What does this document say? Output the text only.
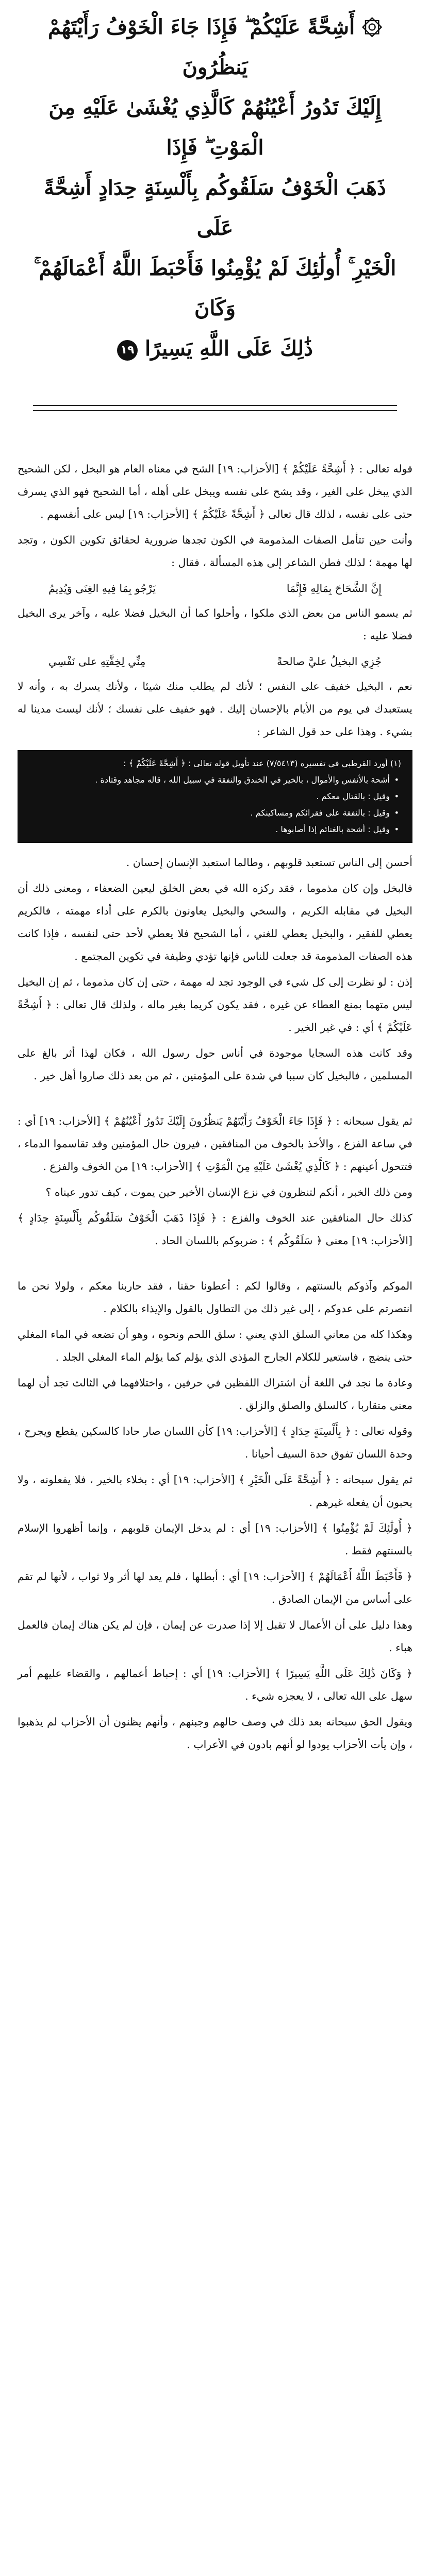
۞ أَشِحَّةً عَلَيْكُمْ ۖ فَإِذَا جَاءَ الْخَوْفُ رَأَيْتَهُمْ يَنظُرُونَ
إِلَيْكَ تَدُورُ أَعْيُنُهُمْ كَالَّذِي يُغْشَىٰ عَلَيْهِ مِنَ الْمَوْتِ ۖ فَإِذَا
ذَهَبَ الْخَوْفُ سَلَقُوكُم بِأَلْسِنَةٍ حِدَادٍ أَشِحَّةً عَلَى
الْخَيْرِ ۚ أُولَٰئِكَ لَمْ يُؤْمِنُوا فَأَحْبَطَ اللَّهُ أَعْمَالَهُمْ ۚ وَكَانَ
ذَٰلِكَ عَلَى اللَّهِ يَسِيرًا ١٩

قوله تعالى : ﴿ أَشِحَّةً عَلَيْكُمْ ﴾ [الأحزاب: ١٩] الشح في معناه العام هو البخل ، لكن الشحيح الذي يبخل على الغير ، وقد يشح على نفسه ويبخل على أهله ، أما الشحيح فهو الذي يسرف حتى على نفسه ، لذلك قال تعالى ﴿ أَشِحَّةً عَلَيْكُمْ ﴾ [الأحزاب: ١٩] ليس على أنفسهم .

وأنت حين تتأمل الصفات المذمومة في الكون تجدها ضرورية لحقائق تكوين الكون ، وتجد لها مهمة ؛ لذلك فطن الشاعر إلى هذه المسألة ، فقال :

إِنَّ الشَّحَاحَ بِمَالِهِ فَإِنَّمَا
يَرْجُو بِمَا فِيهِ الغِنَى وَيُدِيمُ

ثم يسمو الناس من بعض الذي ملكوا ، وأحلوا كما أن البخيل فضلا عليه ، وآخر يرى البخيل فضلا عليه :

جُزِي البخيلُ عليَّ صالحةً
مِنِّي لِخِفَّتِهِ على نَفْسِي

نعم ، البخيل خفيف على النفس ؛ لأنك لم يطلب منك شيئا ، ولأنك يسرك به ، وأنه لا يستعبدك في يوم من الأيام بالإحسان إليك . فهو خفيف على نفسك ؛ لأنك ليست مدينا له بشيء . وهذا على حد قول الشاعر :

(١) أورد القرطبي في تفسيره (٧/٥٤١٣) عند تأويل قوله تعالى : ﴿ أَشِحَّةً عَلَيْكُمْ ﴾ :
• أشحة بالأنفس والأموال ، بالخير في الخندق والنفقة في سبيل الله ، قاله مجاهد وقتادة .
• وقيل : بالقتال معكم .
• وقيل : بالنفقة على فقرائكم ومساكينكم .
• وقيل : أشحة بالغنائم إذا أصابوها .

أحسن إلى الناس تستعبد قلوبهم ، وطالما استعبد الإنسان إحسان .

فالبخل وإن كان مذموما ، فقد ركزه الله في بعض الخلق ليعين الضعفاء ، ومعنى ذلك أن البخيل في مقابله الكريم ، والسخي والبخيل يعاونون بالكرم على أداء مهمته ، فالكريم يعطي للفقير ، والبخيل يعطي للغني ، أما الشحيح فلا يعطي لأحد حتى لنفسه ، فإذا كانت هذه الصفات المذمومة قد جعلت للناس فإنها تؤدي وظيفة في تكوين المجتمع .

إذن : لو نظرت إلى كل شيء في الوجود تجد له مهمة ، حتى إن كان مذموما ، ثم إن البخيل ليس متهما بمنع العطاء عن غيره ، فقد يكون كريما بغير ماله ، ولذلك قال تعالى : ﴿ أَشِحَّةً عَلَيْكُمْ ﴾ أي : في غير الخير .

وقد كانت هذه السجايا موجودة في أناس حول رسول الله ، فكان لهذا أثر بالغ على المسلمين ، فالبخيل كان سببا في شدة على المؤمنين ، ثم من بعد ذلك صاروا أهل خير .

ثم يقول سبحانه : ﴿ فَإِذَا جَاءَ الْخَوْفُ رَأَيْتَهُمْ يَنظُرُونَ إِلَيْكَ تَدُورُ أَعْيُنُهُمْ ﴾ [الأحزاب: ١٩] أي : في ساعة الفزع ، والأخذ بالخوف من المنافقين ، فيرون حال المؤمنين وقد تقاسموا الدماء ، فتتحول أعينهم : ﴿ كَالَّذِي يُغْشَىٰ عَلَيْهِ مِنَ الْمَوْتِ ﴾ [الأحزاب: ١٩] من الخوف والفزع .

ومن ذلك الخبر ، أنكم لتنظرون في نزع الإنسان الأخير حين يموت ، كيف تدور عيناه ؟

كذلك حال المنافقين عند الخوف والفزع : ﴿ فَإِذَا ذَهَبَ الْخَوْفُ سَلَقُوكُم بِأَلْسِنَةٍ حِدَادٍ ﴾ [الأحزاب: ١٩] معنى ﴿ سَلَقُوكُم ﴾ : ضربوكم باللسان الحاد .

الموكم وآذوكم بالسنتهم ، وقالوا لكم : أعطونا حقنا ، فقد حاربنا معكم ، ولولا نحن ما انتصرتم على عدوكم ، إلى غير ذلك من التطاول بالقول والإيذاء بالكلام .

وهكذا كله من معاني السلق الذي يعني : سلق اللحم ونحوه ، وهو أن تضعه في الماء المغلي حتى ينضج ، فاستعير للكلام الجارح المؤذي الذي يؤلم كما يؤلم الماء المغلي الجلد .

وعادة ما نجد في اللغة أن اشتراك اللفظين في حرفين ، واختلافهما في الثالث تجد أن لهما معنى متقاربا ، كالسلق والصلق والزلق .

وقوله تعالى : ﴿ بِأَلْسِنَةٍ حِدَادٍ ﴾ [الأحزاب: ١٩] كأن اللسان صار حادا كالسكين يقطع ويجرح ، وحدة اللسان تفوق حدة السيف أحيانا .

ثم يقول سبحانه : ﴿ أَشِحَّةً عَلَى الْخَيْرِ ﴾ [الأحزاب: ١٩] أي : بخلاء بالخير ، فلا يفعلونه ، ولا يحبون أن يفعله غيرهم .

﴿ أُولَٰئِكَ لَمْ يُؤْمِنُوا ﴾ [الأحزاب: ١٩] أي : لم يدخل الإيمان قلوبهم ، وإنما أظهروا الإسلام بالسنتهم فقط .

﴿ فَأَحْبَطَ اللَّهُ أَعْمَالَهُمْ ﴾ [الأحزاب: ١٩] أي : أبطلها ، فلم يعد لها أثر ولا ثواب ، لأنها لم تقم على أساس من الإيمان الصادق .

وهذا دليل على أن الأعمال لا تقبل إلا إذا صدرت عن إيمان ، فإن لم يكن هناك إيمان فالعمل هباء .

﴿ وَكَانَ ذَٰلِكَ عَلَى اللَّهِ يَسِيرًا ﴾ [الأحزاب: ١٩] أي : إحباط أعمالهم ، والقضاء عليهم أمر سهل على الله تعالى ، لا يعجزه شيء .

ويقول الحق سبحانه بعد ذلك في وصف حالهم وجبنهم ، وأنهم يظنون أن الأحزاب لم يذهبوا ، وإن يأت الأحزاب يودوا لو أنهم بادون في الأعراب .
